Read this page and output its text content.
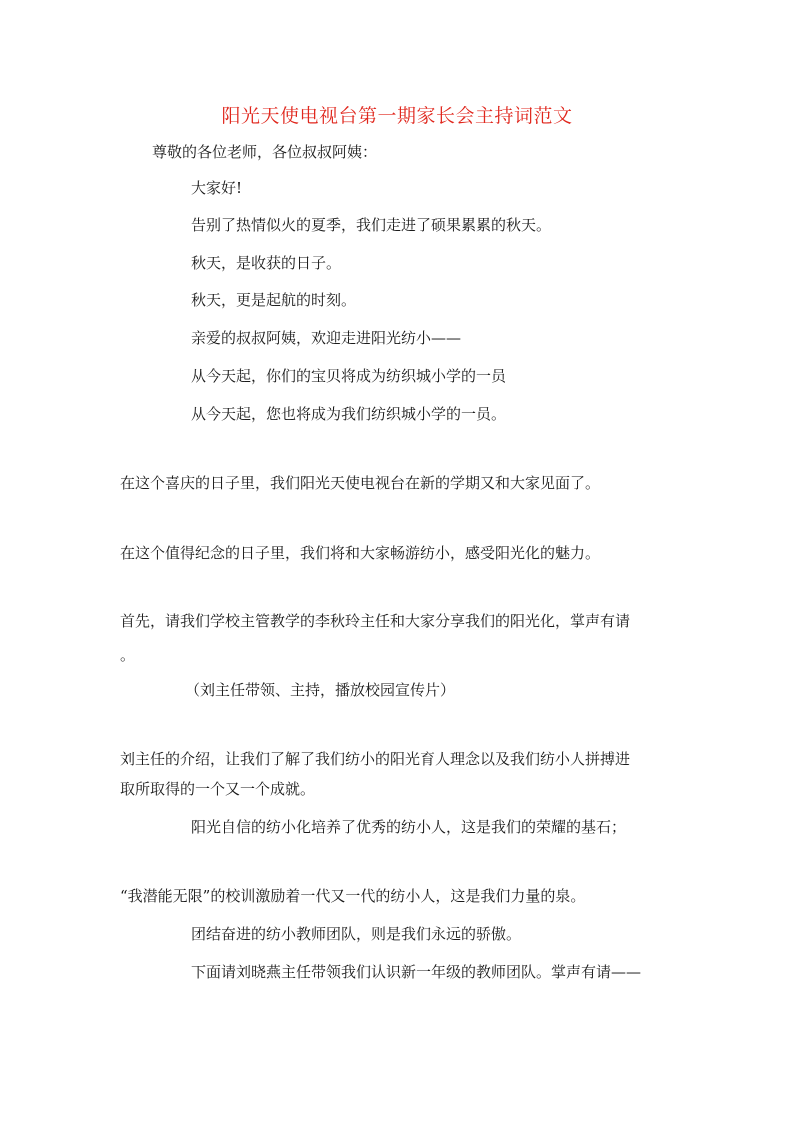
阳光天使电视台第一期家长会主持词范文
尊敬的各位老师，各位叔叔阿姨：
大家好!
告别了热情似火的夏季，我们走进了硕果累累的秋天。
秋天，是收获的日子。
秋天，更是起航的时刻。
亲爱的叔叔阿姨，欢迎走进阳光纺小——
从今天起，你们的宝贝将成为纺织城小学的一员
从今天起，您也将成为我们纺织城小学的一员。
在这个喜庆的日子里，我们阳光天使电视台在新的学期又和大家见面了。
在这个值得纪念的日子里，我们将和大家畅游纺小，感受阳光化的魅力。
首先，请我们学校主管教学的李秋玲主任和大家分享我们的阳光化，掌声有请
。
（刘主任带领、主持，播放校园宣传片）
刘主任的介绍，让我们了解了我们纺小的阳光育人理念以及我们纺小人拼搏进
取所取得的一个又一个成就。
阳光自信的纺小化培养了优秀的纺小人，这是我们的荣耀的基石；
“我潜能无限”的校训激励着一代又一代的纺小人，这是我们力量的泉。
团结奋进的纺小教师团队，则是我们永远的骄傲。
下面请刘晓燕主任带领我们认识新一年级的教师团队。掌声有请——
